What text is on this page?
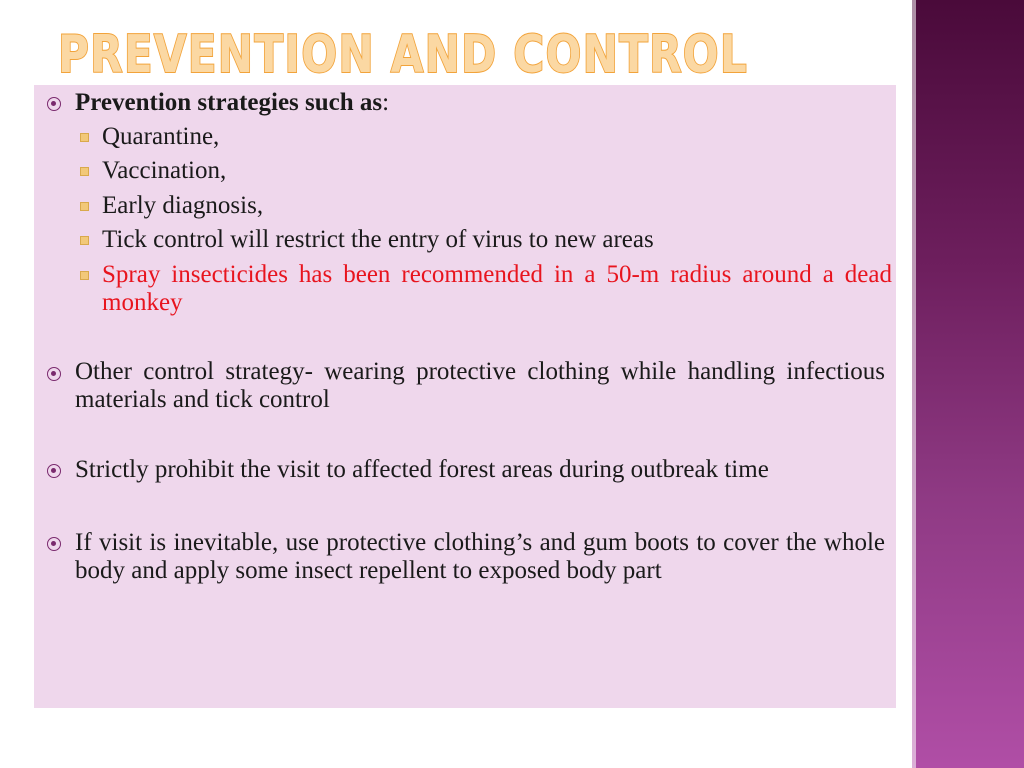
PREVENTION AND CONTROL
Prevention strategies such as:
Quarantine,
Vaccination,
Early diagnosis,
Tick control will restrict the entry of virus to new areas
Spray insecticides has been recommended in a 50-m radius around a dead monkey
Other control strategy- wearing protective clothing while handling infectious materials and tick control
Strictly prohibit the visit to affected forest areas during outbreak time
If visit is inevitable, use protective clothing’s and gum boots to cover the whole body and apply some insect repellent to exposed body part
